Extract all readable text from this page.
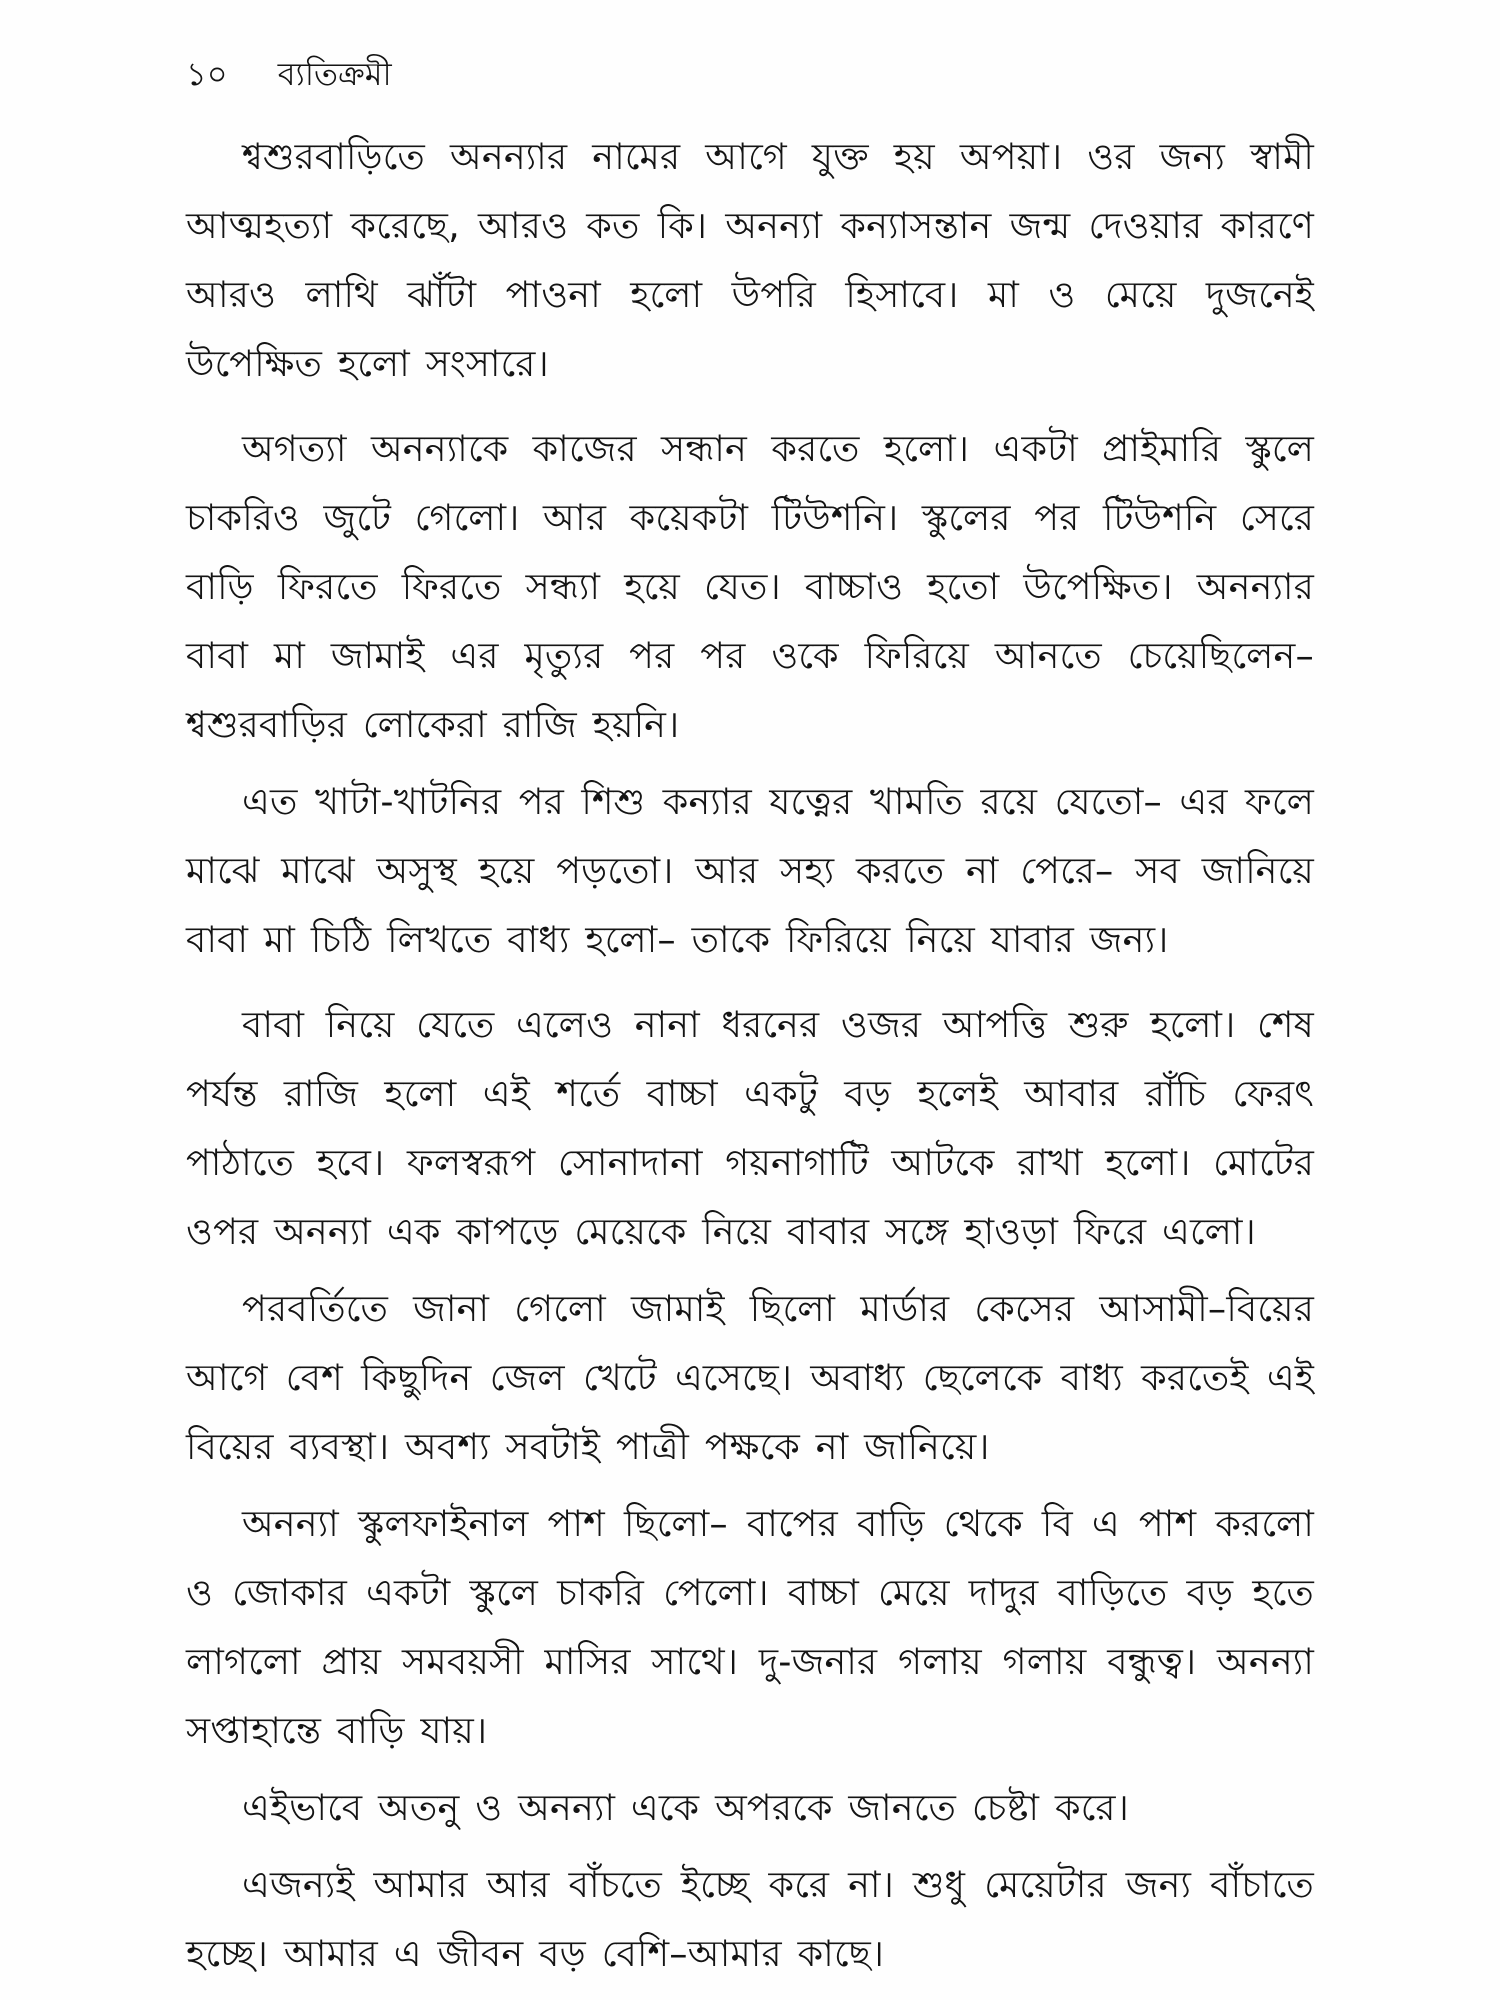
১০ ব্যতিক্রমী

শ্বশুরবাড়িতে অনন্যার নামের আগে যুক্ত হয় অপয়া। ওর জন্য স্বামী আত্মহত্যা করেছে, আরও কত কি। অনন্যা কন্যাসন্তান জন্ম দেওয়ার কারণে আরও লাথি ঝাঁটা পাওনা হলো উপরি হিসাবে। মা ও মেয়ে দুজনেই উপেক্ষিত হলো সংসারে।

অগত্যা অনন্যাকে কাজের সন্ধান করতে হলো। একটা প্রাইমারি স্কুলে চাকরিও জুটে গেলো। আর কয়েকটা টিউশনি। স্কুলের পর টিউশনি সেরে বাড়ি ফিরতে ফিরতে সন্ধ্যা হয়ে যেত। বাচ্চাও হতো উপেক্ষিত। অনন্যার বাবা মা জামাই এর মৃত্যুর পর পর ওকে ফিরিয়ে আনতে চেয়েছিলেন– শ্বশুরবাড়ির লোকেরা রাজি হয়নি।

এত খাটা-খাটনির পর শিশু কন্যার যত্নের খামতি রয়ে যেতো– এর ফলে মাঝে মাঝে অসুস্থ হয়ে পড়তো। আর সহ্য করতে না পেরে– সব জানিয়ে বাবা মা চিঠি লিখতে বাধ্য হলো– তাকে ফিরিয়ে নিয়ে যাবার জন্য।

বাবা নিয়ে যেতে এলেও নানা ধরনের ওজর আপত্তি শুরু হলো। শেষ পর্যন্ত রাজি হলো এই শর্তে বাচ্চা একটু বড় হলেই আবার রাঁচি ফেরৎ পাঠাতে হবে। ফলস্বরূপ সোনাদানা গয়নাগাটি আটকে রাখা হলো। মোটের ওপর অনন্যা এক কাপড়ে মেয়েকে নিয়ে বাবার সঙ্গে হাওড়া ফিরে এলো।

পরবর্তিতে জানা গেলো জামাই ছিলো মার্ডার কেসের আসামী–বিয়ের আগে বেশ কিছুদিন জেল খেটে এসেছে। অবাধ্য ছেলেকে বাধ্য করতেই এই বিয়ের ব্যবস্থা। অবশ্য সবটাই পাত্রী পক্ষকে না জানিয়ে।

অনন্যা স্কুলফাইনাল পাশ ছিলো– বাপের বাড়ি থেকে বি এ পাশ করলো ও জোকার একটা স্কুলে চাকরি পেলো। বাচ্চা মেয়ে দাদুর বাড়িতে বড় হতে লাগলো প্রায় সমবয়সী মাসির সাথে। দু-জনার গলায় গলায় বন্ধুত্ব। অনন্যা সপ্তাহান্তে বাড়ি যায়।

এইভাবে অতনু ও অনন্যা একে অপরকে জানতে চেষ্টা করে।

এজন্যই আমার আর বাঁচতে ইচ্ছে করে না। শুধু মেয়েটার জন্য বাঁচাতে হচ্ছে। আমার এ জীবন বড় বেশি–আমার কাছে।
